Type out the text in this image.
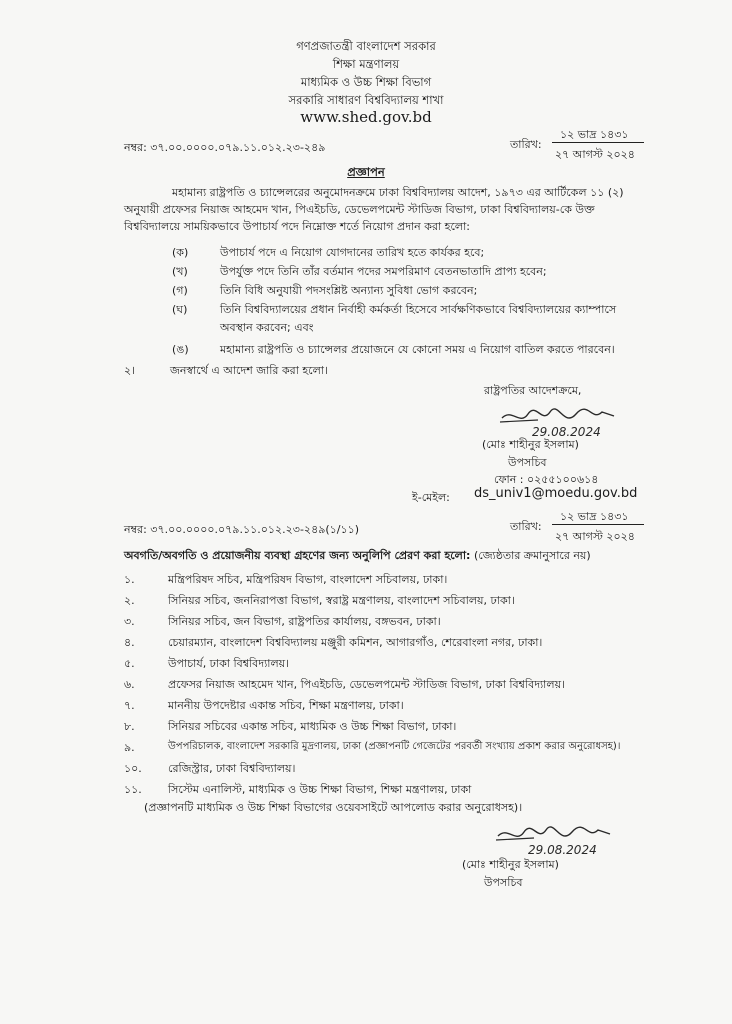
গণপ্রজাতন্ত্রী বাংলাদেশ সরকার
শিক্ষা মন্ত্রণালয়
মাধ্যমিক ও উচ্চ শিক্ষা বিভাগ
সরকারি সাধারণ বিশ্ববিদ্যালয় শাখা
www.shed.gov.bd
নম্বর: ৩৭.০০.০০০০.০৭৯.১১.০১২.২৩-২৪৯	তারিখ:
১২ ভাদ্র ১৪৩১
২৭ আগস্ট ২০২৪
প্রজ্ঞাপন
মহামান্য রাষ্ট্রপতি ও চ্যান্সেলরের অনুমোদনক্রমে ঢাকা বিশ্ববিদ্যালয় আদেশ, ১৯৭৩ এর আর্টিকেল ১১ (২)
অনুযায়ী প্রফেসর নিয়াজ আহমেদ খান, পিএইচডি, ডেভেলপমেন্ট স্টাডিজ বিভাগ, ঢাকা বিশ্ববিদ্যালয়-কে উক্ত
বিশ্ববিদ্যালয়ে সাময়িকভাবে উপাচার্য পদে নিম্নোক্ত শর্তে নিয়োগ প্রদান করা হলো:
(ক)	উপাচার্য পদে এ নিয়োগ যোগদানের তারিখ হতে কার্যকর হবে;
(খ)	উপর্যুক্ত পদে তিনি তাঁর বর্তমান পদের সমপরিমাণ বেতনভাতাদি প্রাপ্য হবেন;
(গ)	তিনি বিধি অনুযায়ী পদসংশ্লিষ্ট অন্যান্য সুবিধা ভোগ করবেন;
(ঘ)	তিনি বিশ্ববিদ্যালয়ের প্রধান নির্বাহী কর্মকর্তা হিসেবে সার্বক্ষণিকভাবে বিশ্ববিদ্যালয়ের ক্যাম্পাসে
অবস্থান করবেন; এবং
(ঙ)	মহামান্য রাষ্ট্রপতি ও চ্যান্সেলর প্রয়োজনে যে কোনো সময় এ নিয়োগ বাতিল করতে পারবেন।
২।	জনস্বার্থে এ আদেশ জারি করা হলো।
রাষ্ট্রপতির আদেশক্রমে,
29.08.2024
(মোঃ শাহীনুর ইসলাম)
উপসচিব
ফোন : ০২৫৫১০০৬১৪
ই-মেইল: ds_univ1@moedu.gov.bd
নম্বর: ৩৭.০০.০০০০.০৭৯.১১.০১২.২৩-২৪৯(১/১১)	তারিখ:
১২ ভাদ্র ১৪৩১
২৭ আগস্ট ২০২৪
অবগতি/অবগতি ও প্রয়োজনীয় ব্যবস্থা গ্রহণের জন্য অনুলিপি প্রেরণ করা হলো: (জ্যেষ্ঠতার ক্রমানুসারে নয়)
১.	মন্ত্রিপরিষদ সচিব, মন্ত্রিপরিষদ বিভাগ, বাংলাদেশ সচিবালয়, ঢাকা।
২.	সিনিয়র সচিব, জননিরাপত্তা বিভাগ, স্বরাষ্ট্র মন্ত্রণালয়, বাংলাদেশ সচিবালয়, ঢাকা।
৩.	সিনিয়র সচিব, জন বিভাগ, রাষ্ট্রপতির কার্যালয়, বঙ্গভবন, ঢাকা।
৪.	চেয়ারম্যান, বাংলাদেশ বিশ্ববিদ্যালয় মঞ্জুরী কমিশন, আগারগাঁও, শেরেবাংলা নগর, ঢাকা।
৫.	উপাচার্য, ঢাকা বিশ্ববিদ্যালয়।
৬.	প্রফেসর নিয়াজ আহমেদ খান, পিএইচডি, ডেভেলপমেন্ট স্টাডিজ বিভাগ, ঢাকা বিশ্ববিদ্যালয়।
৭.	মাননীয় উপদেষ্টার একান্ত সচিব, শিক্ষা মন্ত্রণালয়, ঢাকা।
৮.	সিনিয়র সচিবের একান্ত সচিব, মাধ্যমিক ও উচ্চ শিক্ষা বিভাগ, ঢাকা।
৯.	উপপরিচালক, বাংলাদেশ সরকারি মুদ্রণালয়, ঢাকা (প্রজ্ঞাপনটি গেজেটের পরবর্তী সংখ্যায় প্রকাশ করার অনুরোধসহ)।
১০. রেজিস্ট্রার, ঢাকা বিশ্ববিদ্যালয়।
১১. সিস্টেম এনালিস্ট, মাধ্যমিক ও উচ্চ শিক্ষা বিভাগ, শিক্ষা মন্ত্রণালয়, ঢাকা
(প্রজ্ঞাপনটি মাধ্যমিক ও উচ্চ শিক্ষা বিভাগের ওয়েবসাইটে আপলোড করার অনুরোধসহ)।
29.08.2024
(মোঃ শাহীনুর ইসলাম)
উপসচিব
